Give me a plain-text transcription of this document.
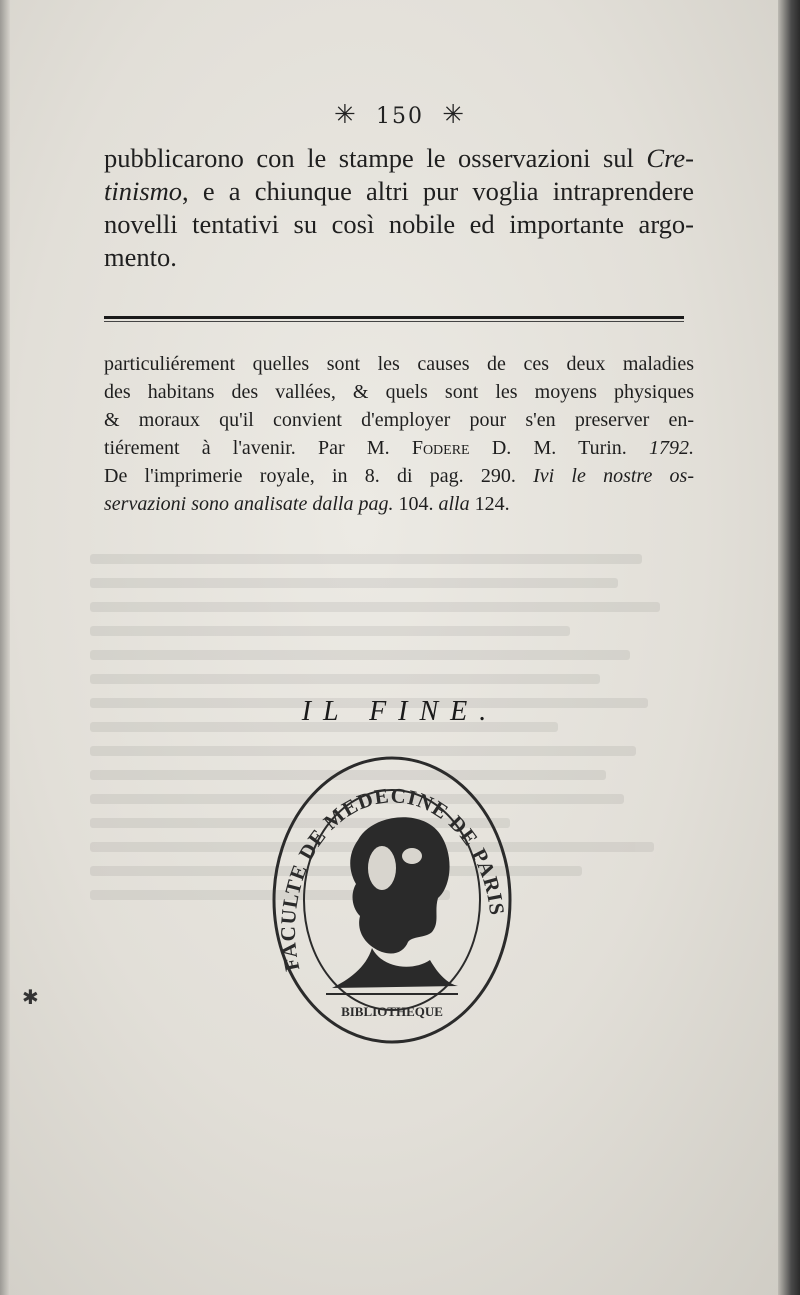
✳ 150 ✳
pubblicarono con le stampe le osservazioni sul Cre-
tinismo, e a chiunque altri pur voglia intraprendere
novelli tentativi su così nobile ed importante argo-
mento.
particuliérement quelles sont les causes de ces deux maladies
des habitans des vallées, & quels sont les moyens physiques
& moraux qu'il convient d'employer pour s'en preserver en-
tiérement à l'avenir. Par M. Fodere D. M. Turin. 1792.
De l'imprimerie royale, in 8. di pag. 290. Ivi le nostre os-
servazioni sono analisate dalla pag. 104. alla 124.
IL FINE.
FACULTE DE MEDECINE DE PARIS
BIBLIOTHEQUE
✱
